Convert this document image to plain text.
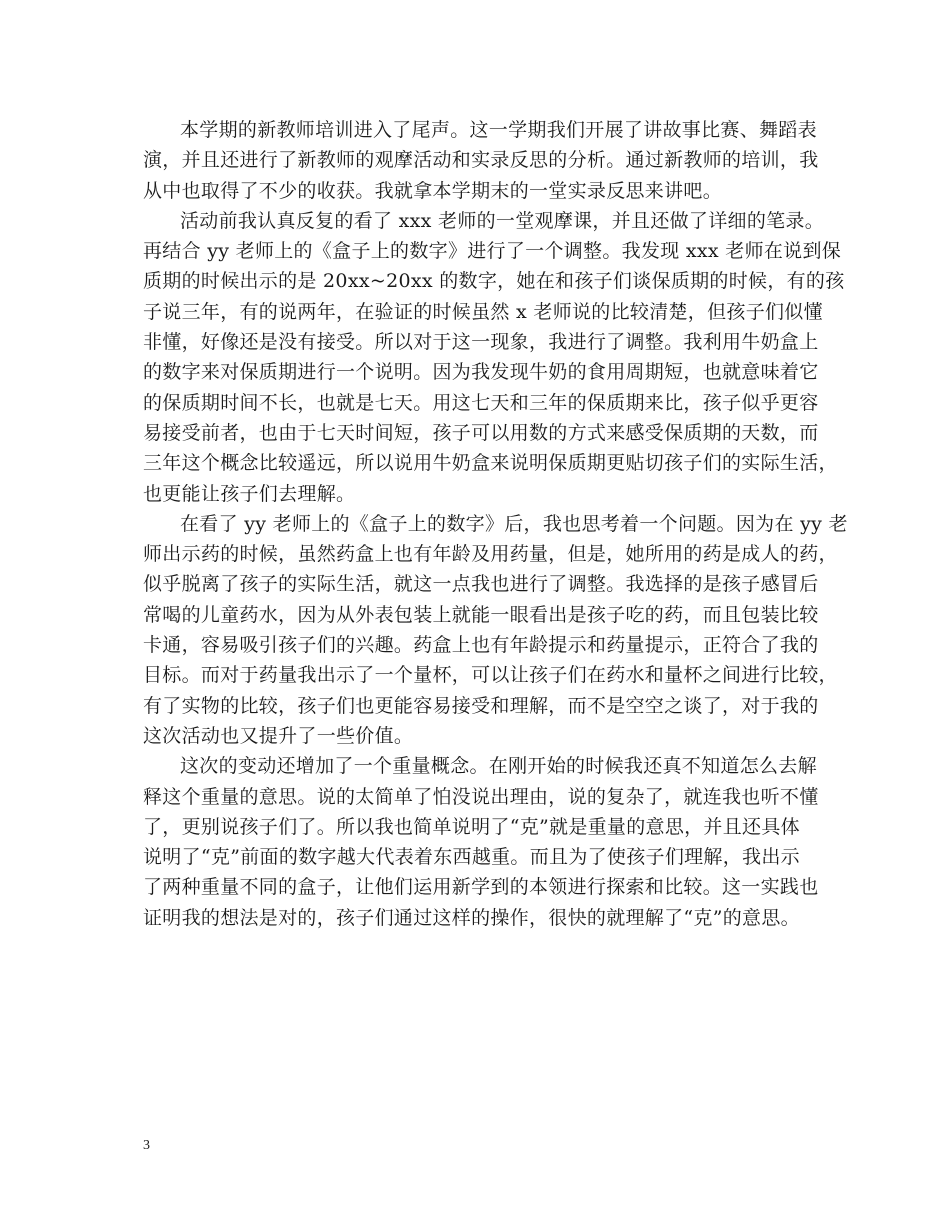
本学期的新教师培训进入了尾声。这一学期我们开展了讲故事比赛、舞蹈表
演，并且还进行了新教师的观摩活动和实录反思的分析。通过新教师的培训，我
从中也取得了不少的收获。我就拿本学期末的一堂实录反思来讲吧。

活动前我认真反复的看了 xxx 老师的一堂观摩课，并且还做了详细的笔录。
再结合 yy 老师上的《盒子上的数字》进行了一个调整。我发现 xxx 老师在说到保
质期的时候出示的是 20xx~20xx 的数字，她在和孩子们谈保质期的时候，有的孩
子说三年，有的说两年，在验证的时候虽然 x 老师说的比较清楚，但孩子们似懂
非懂，好像还是没有接受。所以对于这一现象，我进行了调整。我利用牛奶盒上
的数字来对保质期进行一个说明。因为我发现牛奶的食用周期短，也就意味着它
的保质期时间不长，也就是七天。用这七天和三年的保质期来比，孩子似乎更容
易接受前者，也由于七天时间短，孩子可以用数的方式来感受保质期的天数，而
三年这个概念比较遥远，所以说用牛奶盒来说明保质期更贴切孩子们的实际生活，
也更能让孩子们去理解。

在看了 yy 老师上的《盒子上的数字》后，我也思考着一个问题。因为在 yy 老
师出示药的时候，虽然药盒上也有年龄及用药量，但是，她所用的药是成人的药，
似乎脱离了孩子的实际生活，就这一点我也进行了调整。我选择的是孩子感冒后
常喝的儿童药水，因为从外表包装上就能一眼看出是孩子吃的药，而且包装比较
卡通，容易吸引孩子们的兴趣。药盒上也有年龄提示和药量提示，正符合了我的
目标。而对于药量我出示了一个量杯，可以让孩子们在药水和量杯之间进行比较，
有了实物的比较，孩子们也更能容易接受和理解，而不是空空之谈了，对于我的
这次活动也又提升了一些价值。

这次的变动还增加了一个重量概念。在刚开始的时候我还真不知道怎么去解
释这个重量的意思。说的太简单了怕没说出理由，说的复杂了，就连我也听不懂
了，更别说孩子们了。所以我也简单说明了“克”就是重量的意思，并且还具体
说明了“克”前面的数字越大代表着东西越重。而且为了使孩子们理解，我出示
了两种重量不同的盒子，让他们运用新学到的本领进行探索和比较。这一实践也
证明我的想法是对的，孩子们通过这样的操作，很快的就理解了“克”的意思。

3
